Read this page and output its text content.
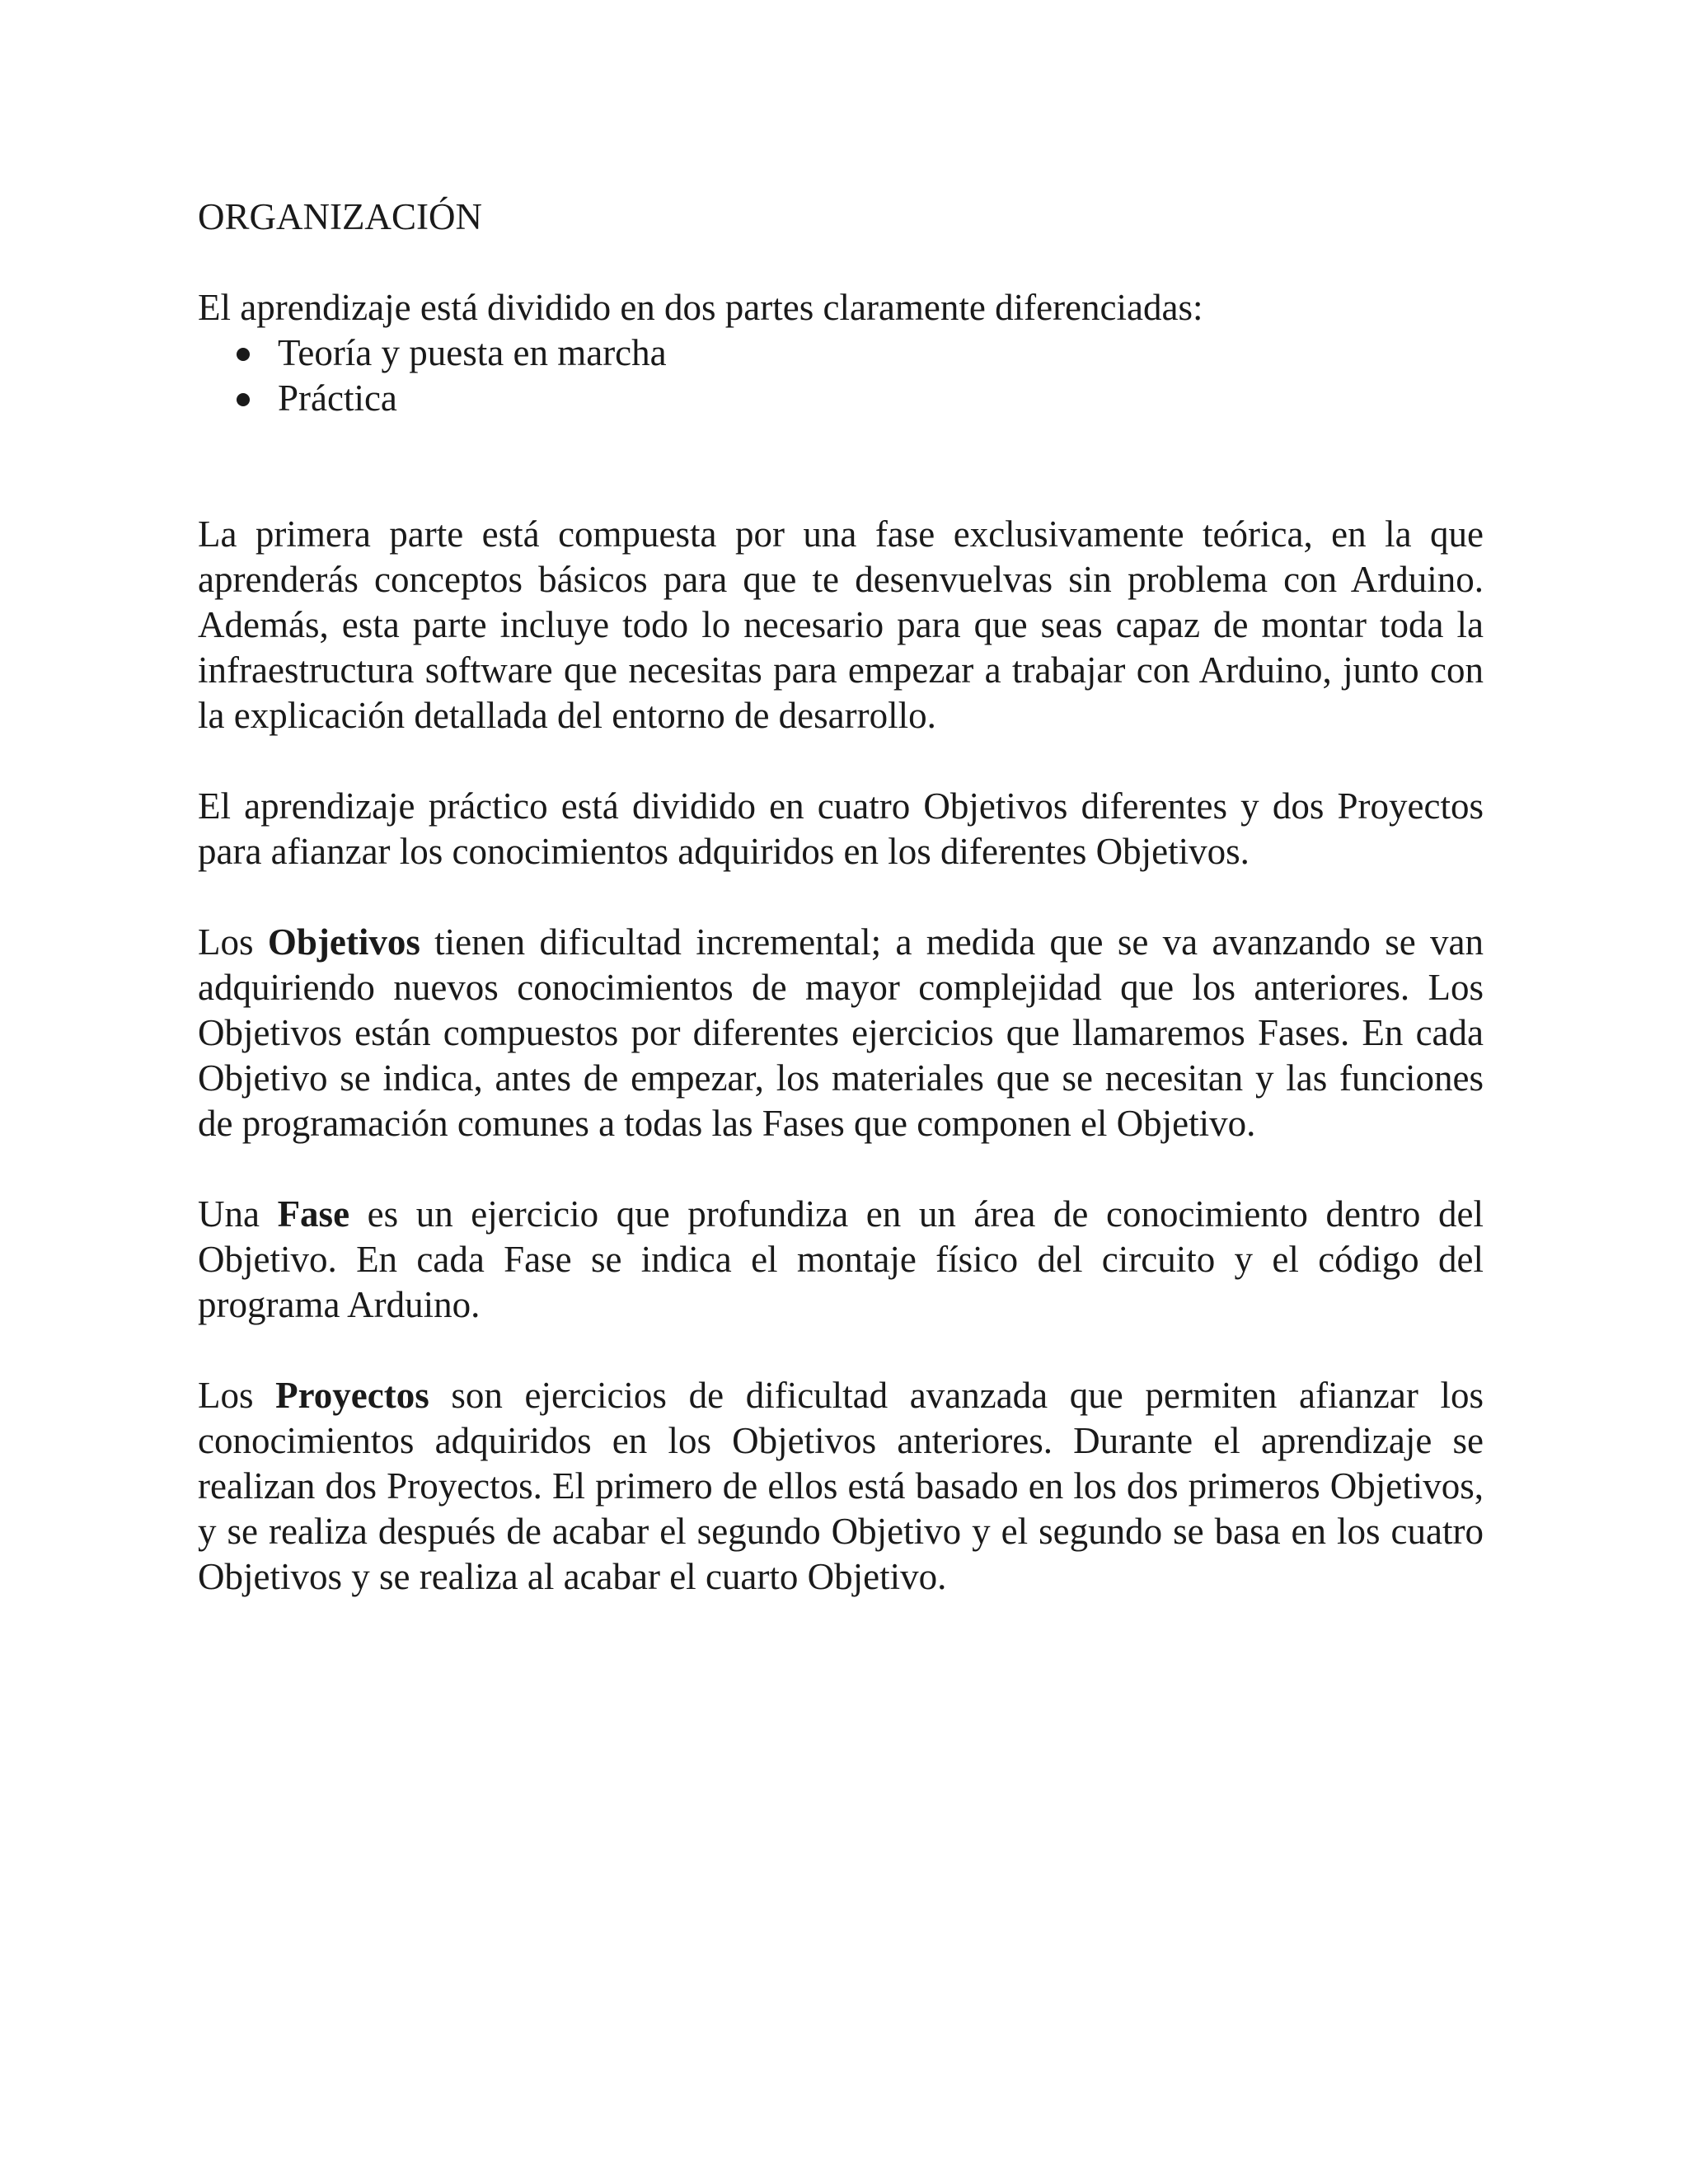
ORGANIZACIÓN

El aprendizaje está dividido en dos partes claramente diferenciadas:

Teoría y puesta en marcha
Práctica

La primera parte está compuesta por una fase exclusivamente teórica, en la que aprenderás conceptos básicos para que te desenvuelvas sin problema con Arduino. Además, esta parte incluye todo lo necesario para que seas capaz de montar toda la infraestructura software que necesitas para empezar a trabajar con Arduino, junto con la explicación detallada del entorno de desarrollo.

El aprendizaje práctico está dividido en cuatro Objetivos diferentes y dos Proyectos para afianzar los conocimientos adquiridos en los diferentes Objetivos.

Los Objetivos tienen dificultad incremental; a medida que se va avanzando se van adquiriendo nuevos conocimientos de mayor complejidad que los anteriores. Los Objetivos están compuestos por diferentes ejercicios que llamaremos Fases. En cada Objetivo se indica, antes de empezar, los materiales que se necesitan y las funciones de programación comunes a todas las Fases que componen el Objetivo.

Una Fase es un ejercicio que profundiza en un área de conocimiento dentro del Objetivo. En cada Fase se indica el montaje físico del circuito y el código del programa Arduino.

Los Proyectos son ejercicios de dificultad avanzada que permiten afianzar los conocimientos adquiridos en los Objetivos anteriores. Durante el aprendizaje se realizan dos Proyectos. El primero de ellos está basado en los dos primeros Objetivos, y se realiza después de acabar el segundo Objetivo y el segundo se basa en los cuatro Objetivos y se realiza al acabar el cuarto Objetivo.
